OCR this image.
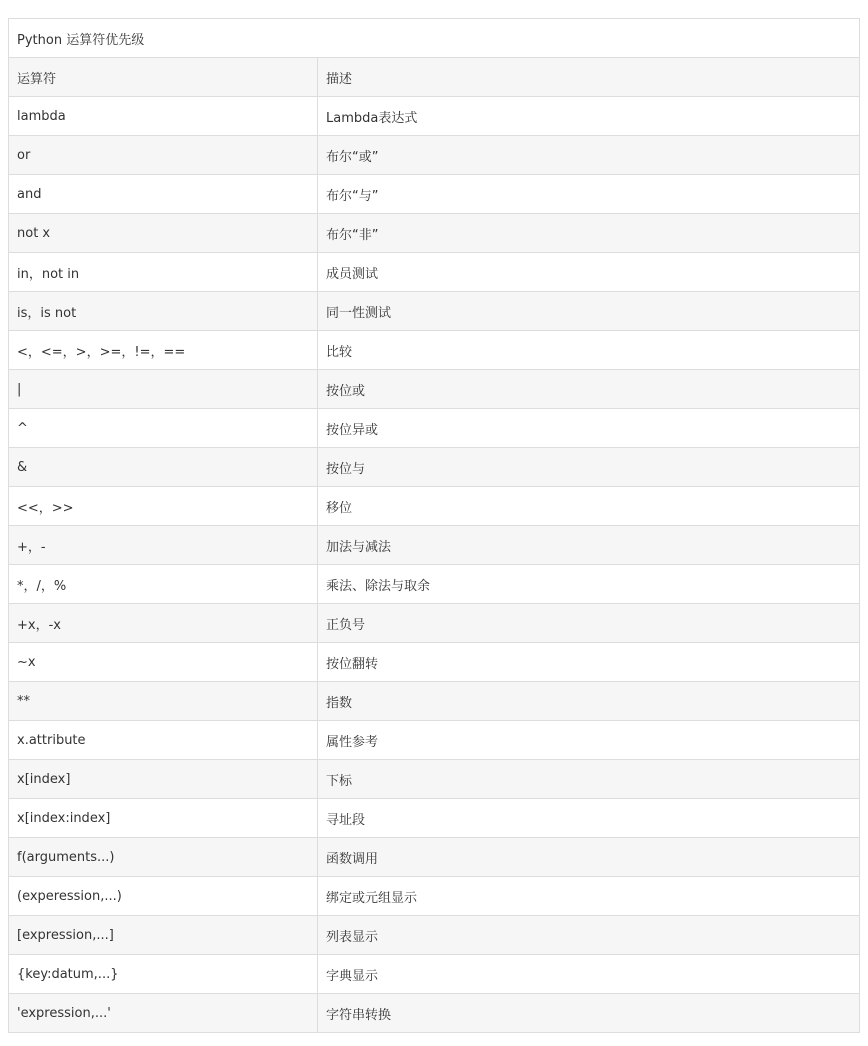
Python 运算符优先级	
运算符	描述
lambda	Lambda表达式
or	布尔“或”
and	布尔“与”
not x	布尔“非”
in，not in	成员测试
is，is not	同一性测试
<，<=，>，>=，!=，==	比较
|	按位或
^	按位异或
&	按位与
<<，>>	移位
+，-	加法与减法
*，/，%	乘法、除法与取余
+x，-x	正负号
~x	按位翻转
**	指数
x.attribute	属性参考
x[index]	下标
x[index:index]	寻址段
f(arguments...)	函数调用
(experession,...)	绑定或元组显示
[expression,...]	列表显示
{key:datum,...}	字典显示
'expression,...'	字符串转换
